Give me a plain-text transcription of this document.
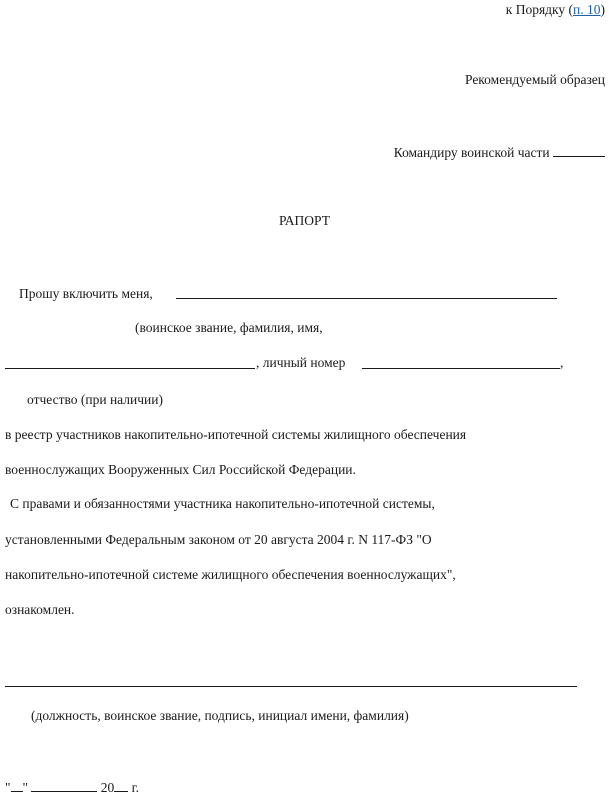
к Порядку (п. 10)
Рекомендуемый образец
Командиру воинской части
РАПОРТ
Прошу включить меня,
(воинское звание, фамилия, имя,
, личный номер	,
отчество (при наличии)
в реестр участников накопительно-ипотечной системы жилищного обеспечения
военнослужащих Вооруженных Сил Российской Федерации.
С правами и обязанностями участника накопительно-ипотечной системы,
установленными Федеральным законом от 20 августа 2004 г. N 117-ФЗ "О
накопительно-ипотечной системе жилищного обеспечения военнослужащих",
ознакомлен.
(должность, воинское звание, подпись, инициал имени, фамилия)
" "	20 г.
